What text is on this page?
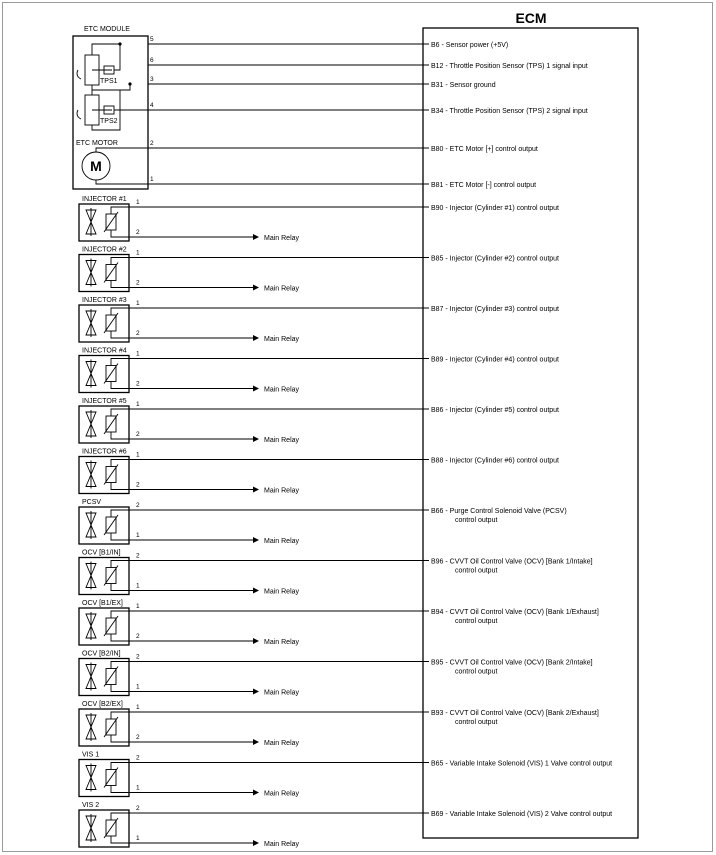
ECM
ETC MODULE
TPS1
TPS2
ETC MOTOR
M
5
B6 - Sensor power (+5V)
6
B12 - Throttle Position Sensor (TPS) 1 signal input
3
B31 - Sensor ground
4
B34 - Throttle Position Sensor (TPS) 2 signal input
2
B80 - ETC Motor [+] control output
1
B81 - ETC Motor [-] control output
INJECTOR #1 1
B90 - Injector (Cylinder #1) control output
2
Main Relay
INJECTOR #2 1
B85 - Injector (Cylinder #2) control output
2
Main Relay
INJECTOR #3 1
B87 - Injector (Cylinder #3) control output
2
Main Relay
INJECTOR #4 1
B89 - Injector (Cylinder #4) control output
2
Main Relay
INJECTOR #5 1
B86 - Injector (Cylinder #5) control output
2
Main Relay
INJECTOR #6 1
B88 - Injector (Cylinder #6) control output
2
Main Relay
PCSV	2
B66 - Purge Control Solenoid Valve (PCSV)
control output
1
Main Relay
OCV [B1/IN] 2
B96 - CVVT Oil Control Valve (OCV) [Bank 1/Intake]
control output
1
Main Relay
OCV [B1/EX] 1
B94 - CVVT Oil Control Valve (OCV) [Bank 1/Exhaust]
control output
2
Main Relay
OCV [B2/IN] 2
B95 - CVVT Oil Control Valve (OCV) [Bank 2/Intake]
control output
1
Main Relay
OCV [B2/EX] 1
B93 - CVVT Oil Control Valve (OCV) [Bank 2/Exhaust]
control output
2
Main Relay
VIS 1	2
B65 - Variable Intake Solenoid (VIS) 1 Valve control output
1
Main Relay
VIS 2	2
B69 - Variable Intake Solenoid (VIS) 2 Valve control output
1
Main Relay
